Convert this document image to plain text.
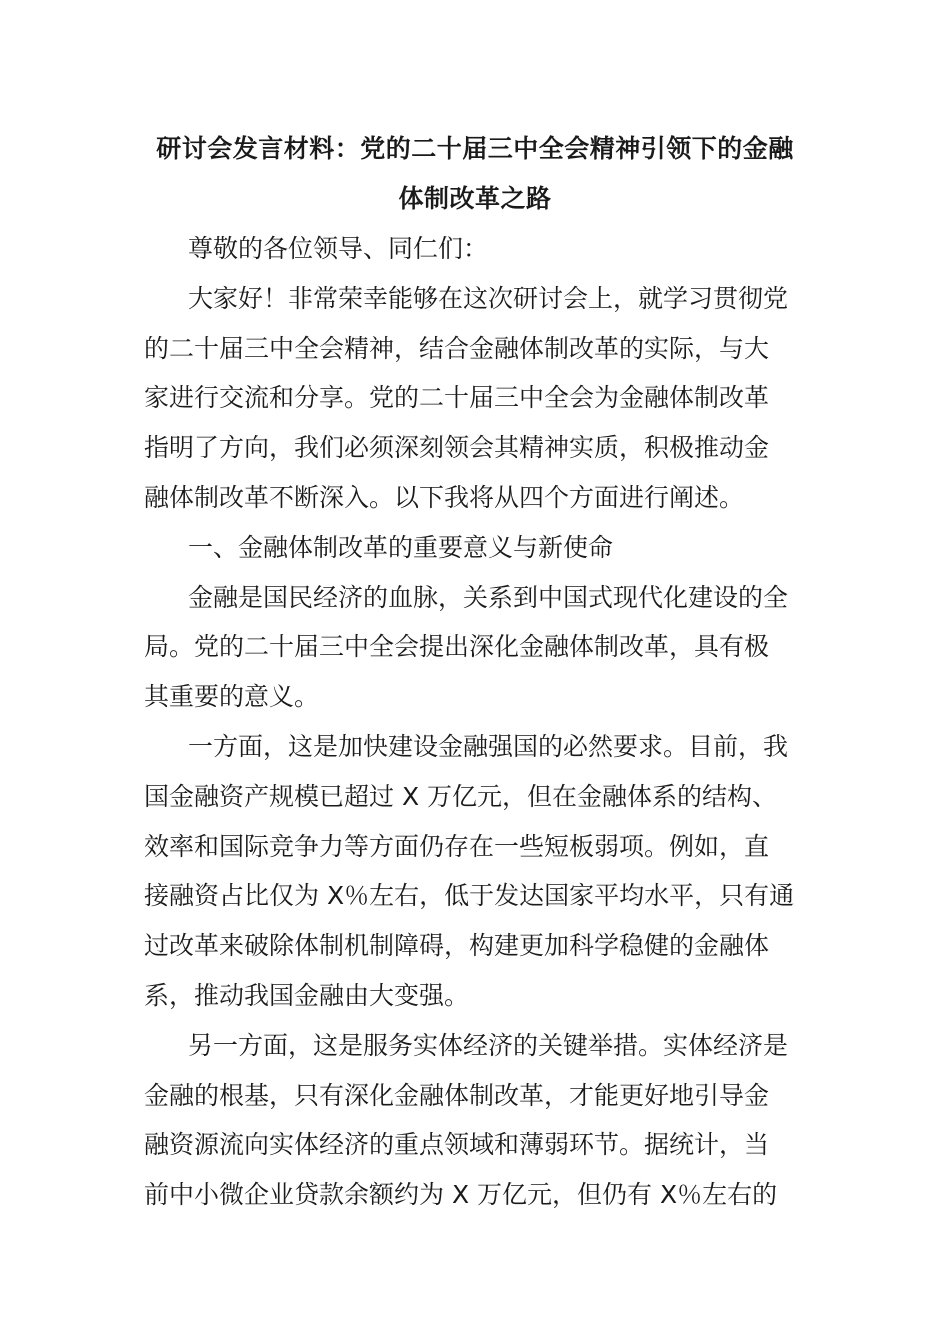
研讨会发言材料：党的二十届三中全会精神引领下的金融
体制改革之路
尊敬的各位领导、同仁们：
大家好！非常荣幸能够在这次研讨会上，就学习贯彻党
的二十届三中全会精神，结合金融体制改革的实际，与大
家进行交流和分享。党的二十届三中全会为金融体制改革
指明了方向，我们必须深刻领会其精神实质，积极推动金
融体制改革不断深入。以下我将从四个方面进行阐述。
一、金融体制改革的重要意义与新使命
金融是国民经济的血脉，关系到中国式现代化建设的全
局。党的二十届三中全会提出深化金融体制改革，具有极
其重要的意义。
一方面，这是加快建设金融强国的必然要求。目前，我
国金融资产规模已超过 X 万亿元，但在金融体系的结构、
效率和国际竞争力等方面仍存在一些短板弱项。例如，直
接融资占比仅为 X％左右，低于发达国家平均水平，只有通
过改革来破除体制机制障碍，构建更加科学稳健的金融体
系，推动我国金融由大变强。
另一方面，这是服务实体经济的关键举措。实体经济是
金融的根基，只有深化金融体制改革，才能更好地引导金
融资源流向实体经济的重点领域和薄弱环节。据统计，当
前中小微企业贷款余额约为 X 万亿元，但仍有 X％左右的
